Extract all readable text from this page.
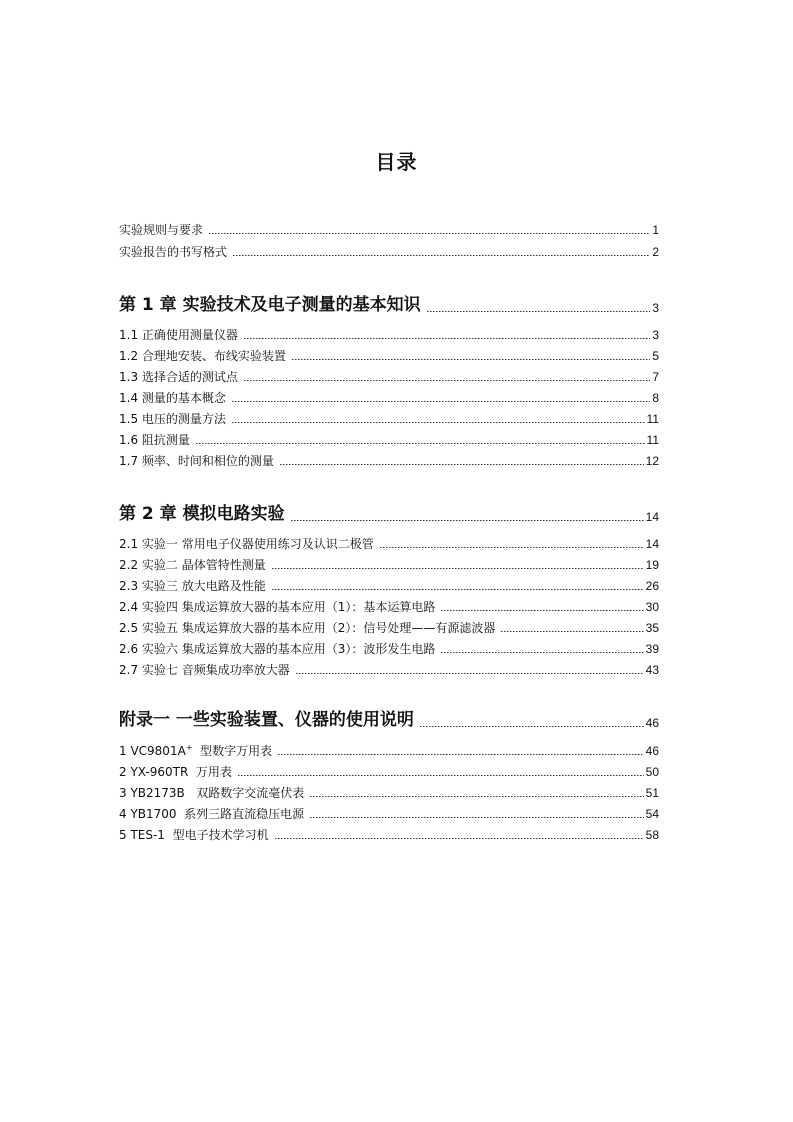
目录
实验规则与要求	1
实验报告的书写格式	2
第 1 章 实验技术及电子测量的基本知识	3
1.1 正确使用测量仪器	3
1.2 合理地安装、布线实验装置	5
1.3 选择合适的测试点	7
1.4 测量的基本概念	8
1.5 电压的测量方法	11
1.6 阻抗测量	11
1.7 频率、时间和相位的测量	12
第 2 章 模拟电路实验	14
2.1 实验一 常用电子仪器使用练习及认识二极管	14
2.2 实验二 晶体管特性测量	19
2.3 实验三 放大电路及性能	26
2.4 实验四 集成运算放大器的基本应用（1）：基本运算电路	30
2.5 实验五 集成运算放大器的基本应用（2）：信号处理——有源滤波器	35
2.6 实验六 集成运算放大器的基本应用（3）：波形发生电路	39
2.7 实验七 音频集成功率放大器	43
附录一 一些实验装置、仪器的使用说明	46
1 VC9801A+  型数字万用表	46
2 YX-960TR  万用表	50
3 YB2173B   双路数字交流毫伏表	51
4 YB1700  系列三路直流稳压电源	54
5 TES-1  型电子技术学习机	58
